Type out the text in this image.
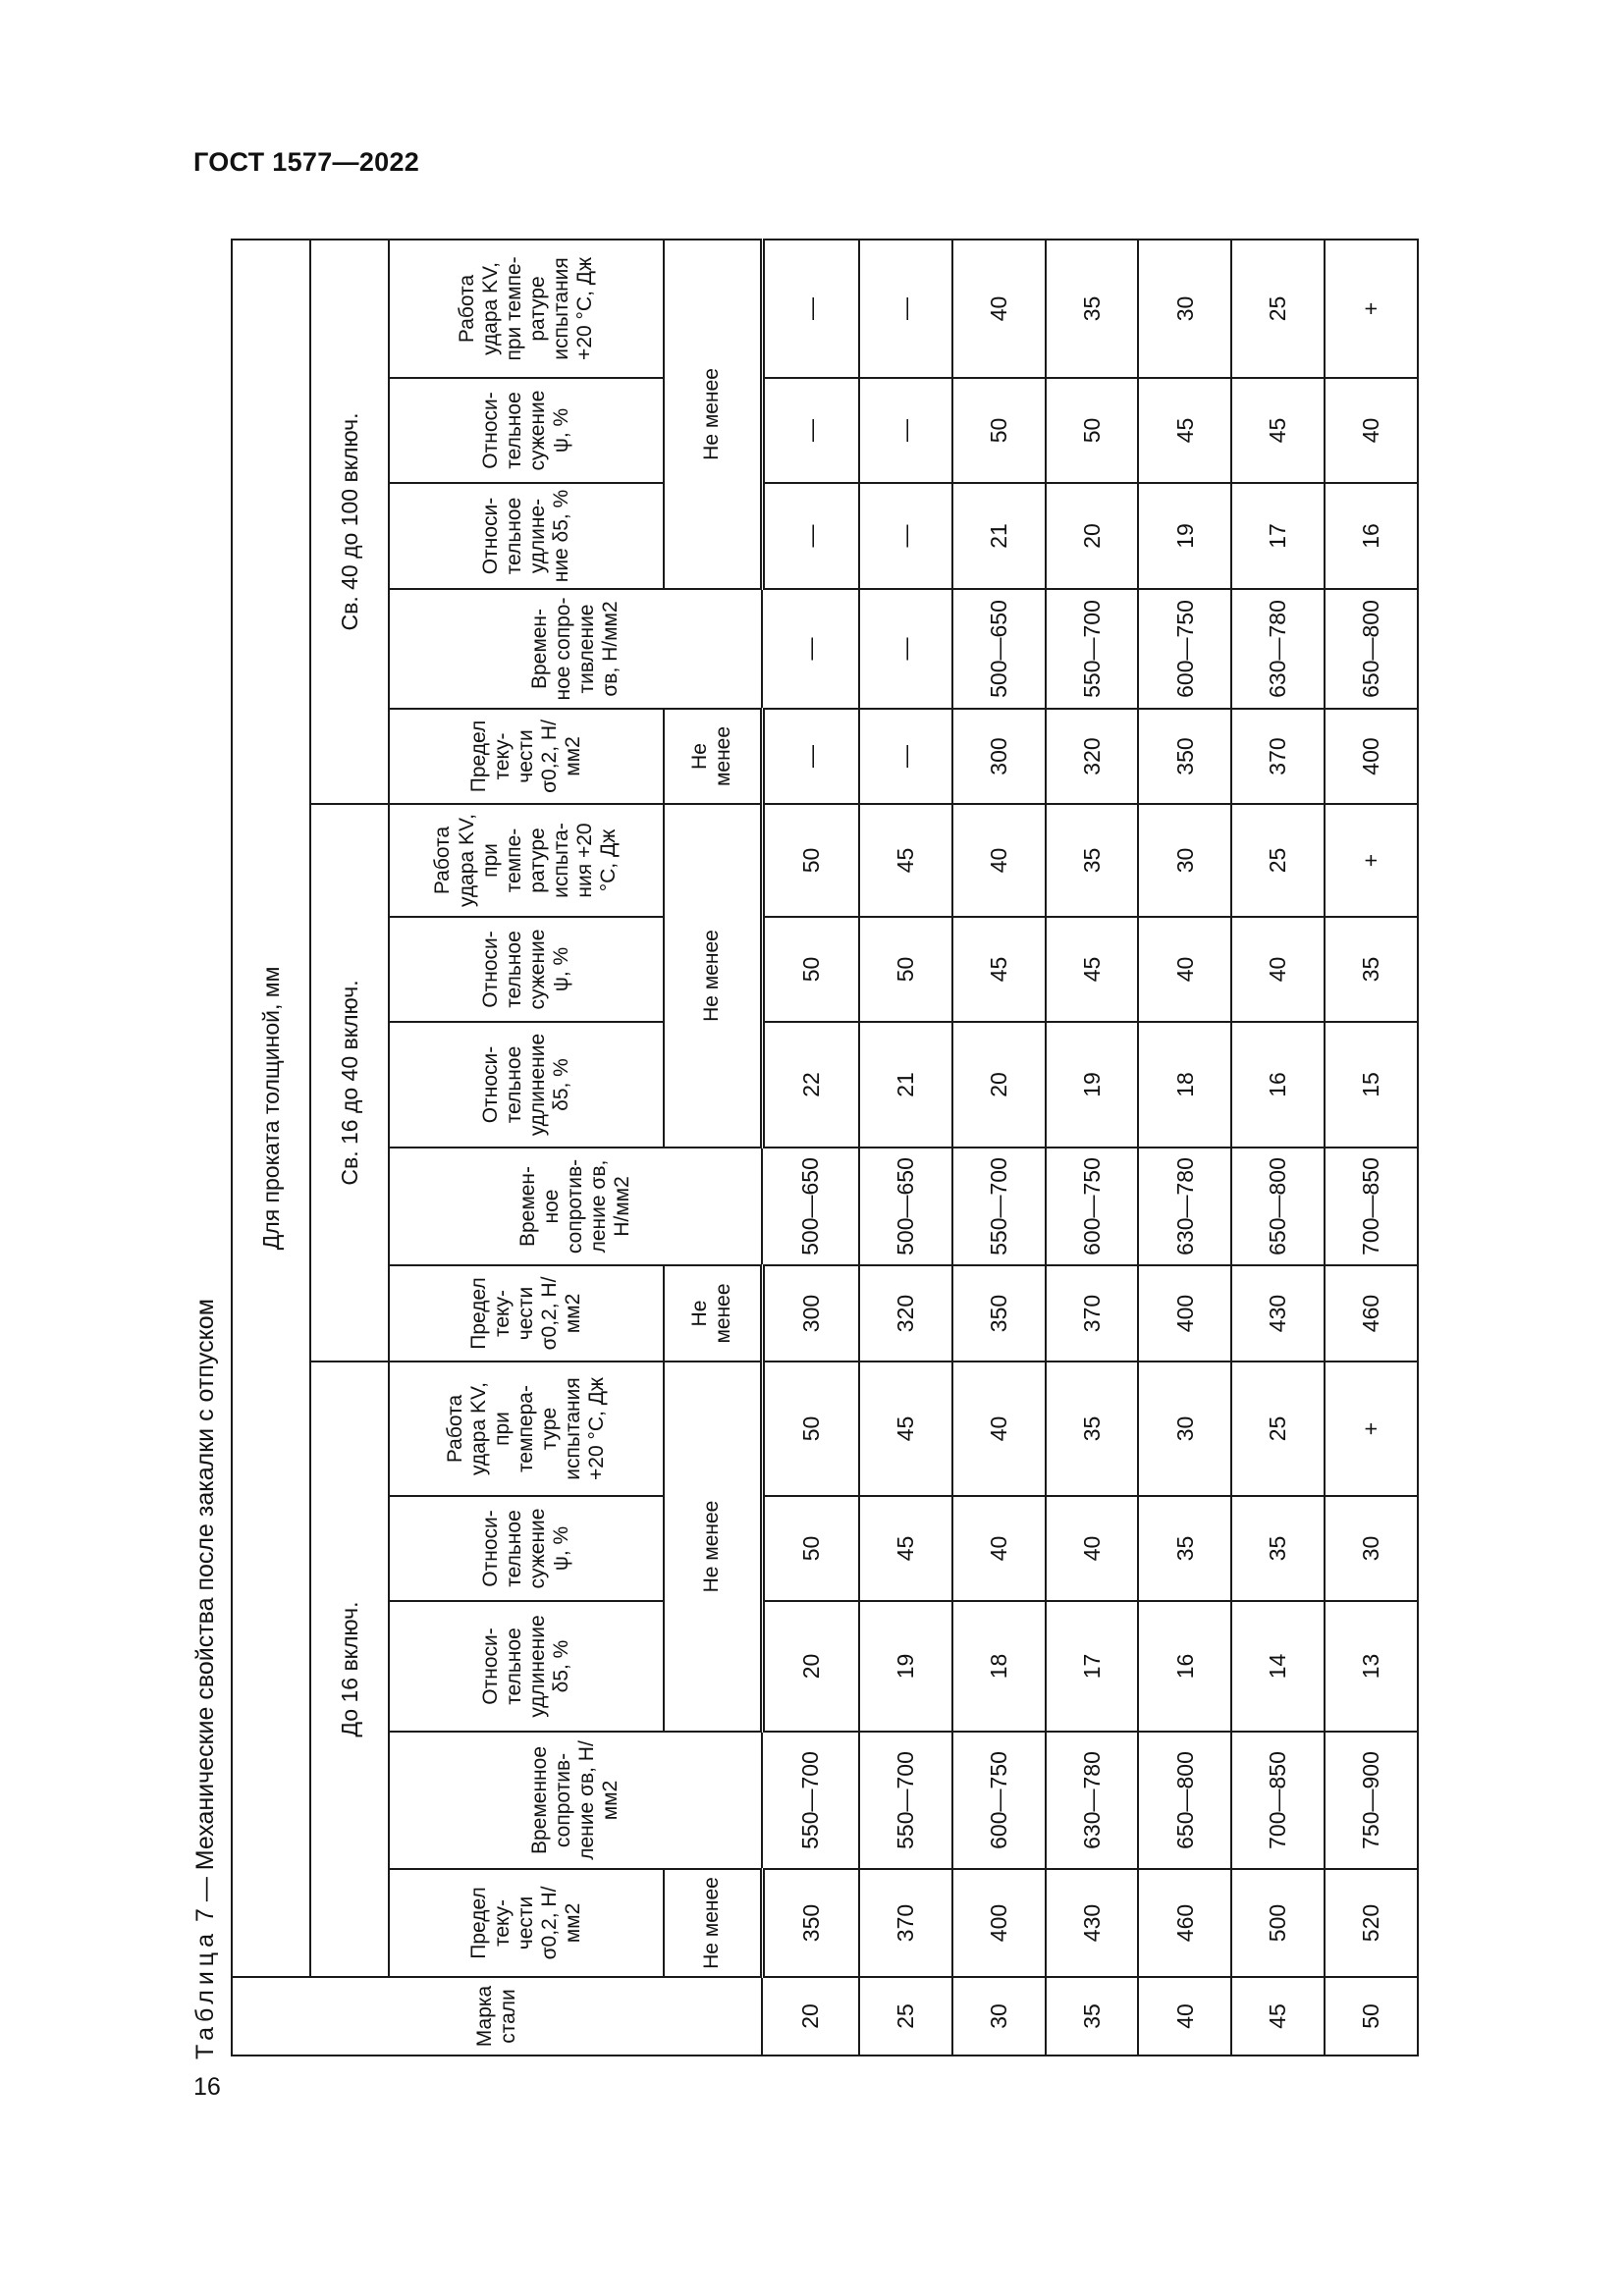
ГОСТ 1577—2022
Таблица 7 — Механические свойства после закалки с отпуском
16
Марка стали	Для проката толщиной, мм														
	До 16 включ.					Св. 16 до 40 включ.					Св. 40 до 100 включ.				
	Предел теку-чести σ0,2, Н/мм2	Временное сопротив-ление σв, Н/мм2	Относи-тельное удлинение δ5, %	Относи-тельное сужение ψ, %	Работа удара KV, при темпера-туре испытания +20 °С, Дж	Предел теку-чести σ0,2, Н/мм2	Времен-ное сопротив-ление σв, Н/мм2	Относи-тельное удлинение δ5, %	Относи-тельное сужение ψ, %	Работа удара KV, при темпе-ратуре испыта-ния +20 °С, Дж	Предел теку-чести σ0,2, Н/мм2	Времен-ное сопро-тивление σв, Н/мм2	Относи-тельное удлине-ние δ5, %	Относи-тельное сужение ψ, %	Работа удара KV, при темпе-ратуре испытания +20 °С, Дж
	Не менее		Не менее			Не менее		Не менее			Не менее		Не менее		
20	350	550—700	20	50	50	300	500—650	22	50	50	—	—	—	—	—
25	370	550—700	19	45	45	320	500—650	21	50	45	—	—	—	—	—
30	400	600—750	18	40	40	350	550—700	20	45	40	300	500—650	21	50	40
35	430	630—780	17	40	35	370	600—750	19	45	35	320	550—700	20	50	35
40	460	650—800	16	35	30	400	630—780	18	40	30	350	600—750	19	45	30
45	500	700—850	14	35	25	430	650—800	16	40	25	370	630—780	17	45	25
50	520	750—900	13	30	+	460	700—850	15	35	+	400	650—800	16	40	+
